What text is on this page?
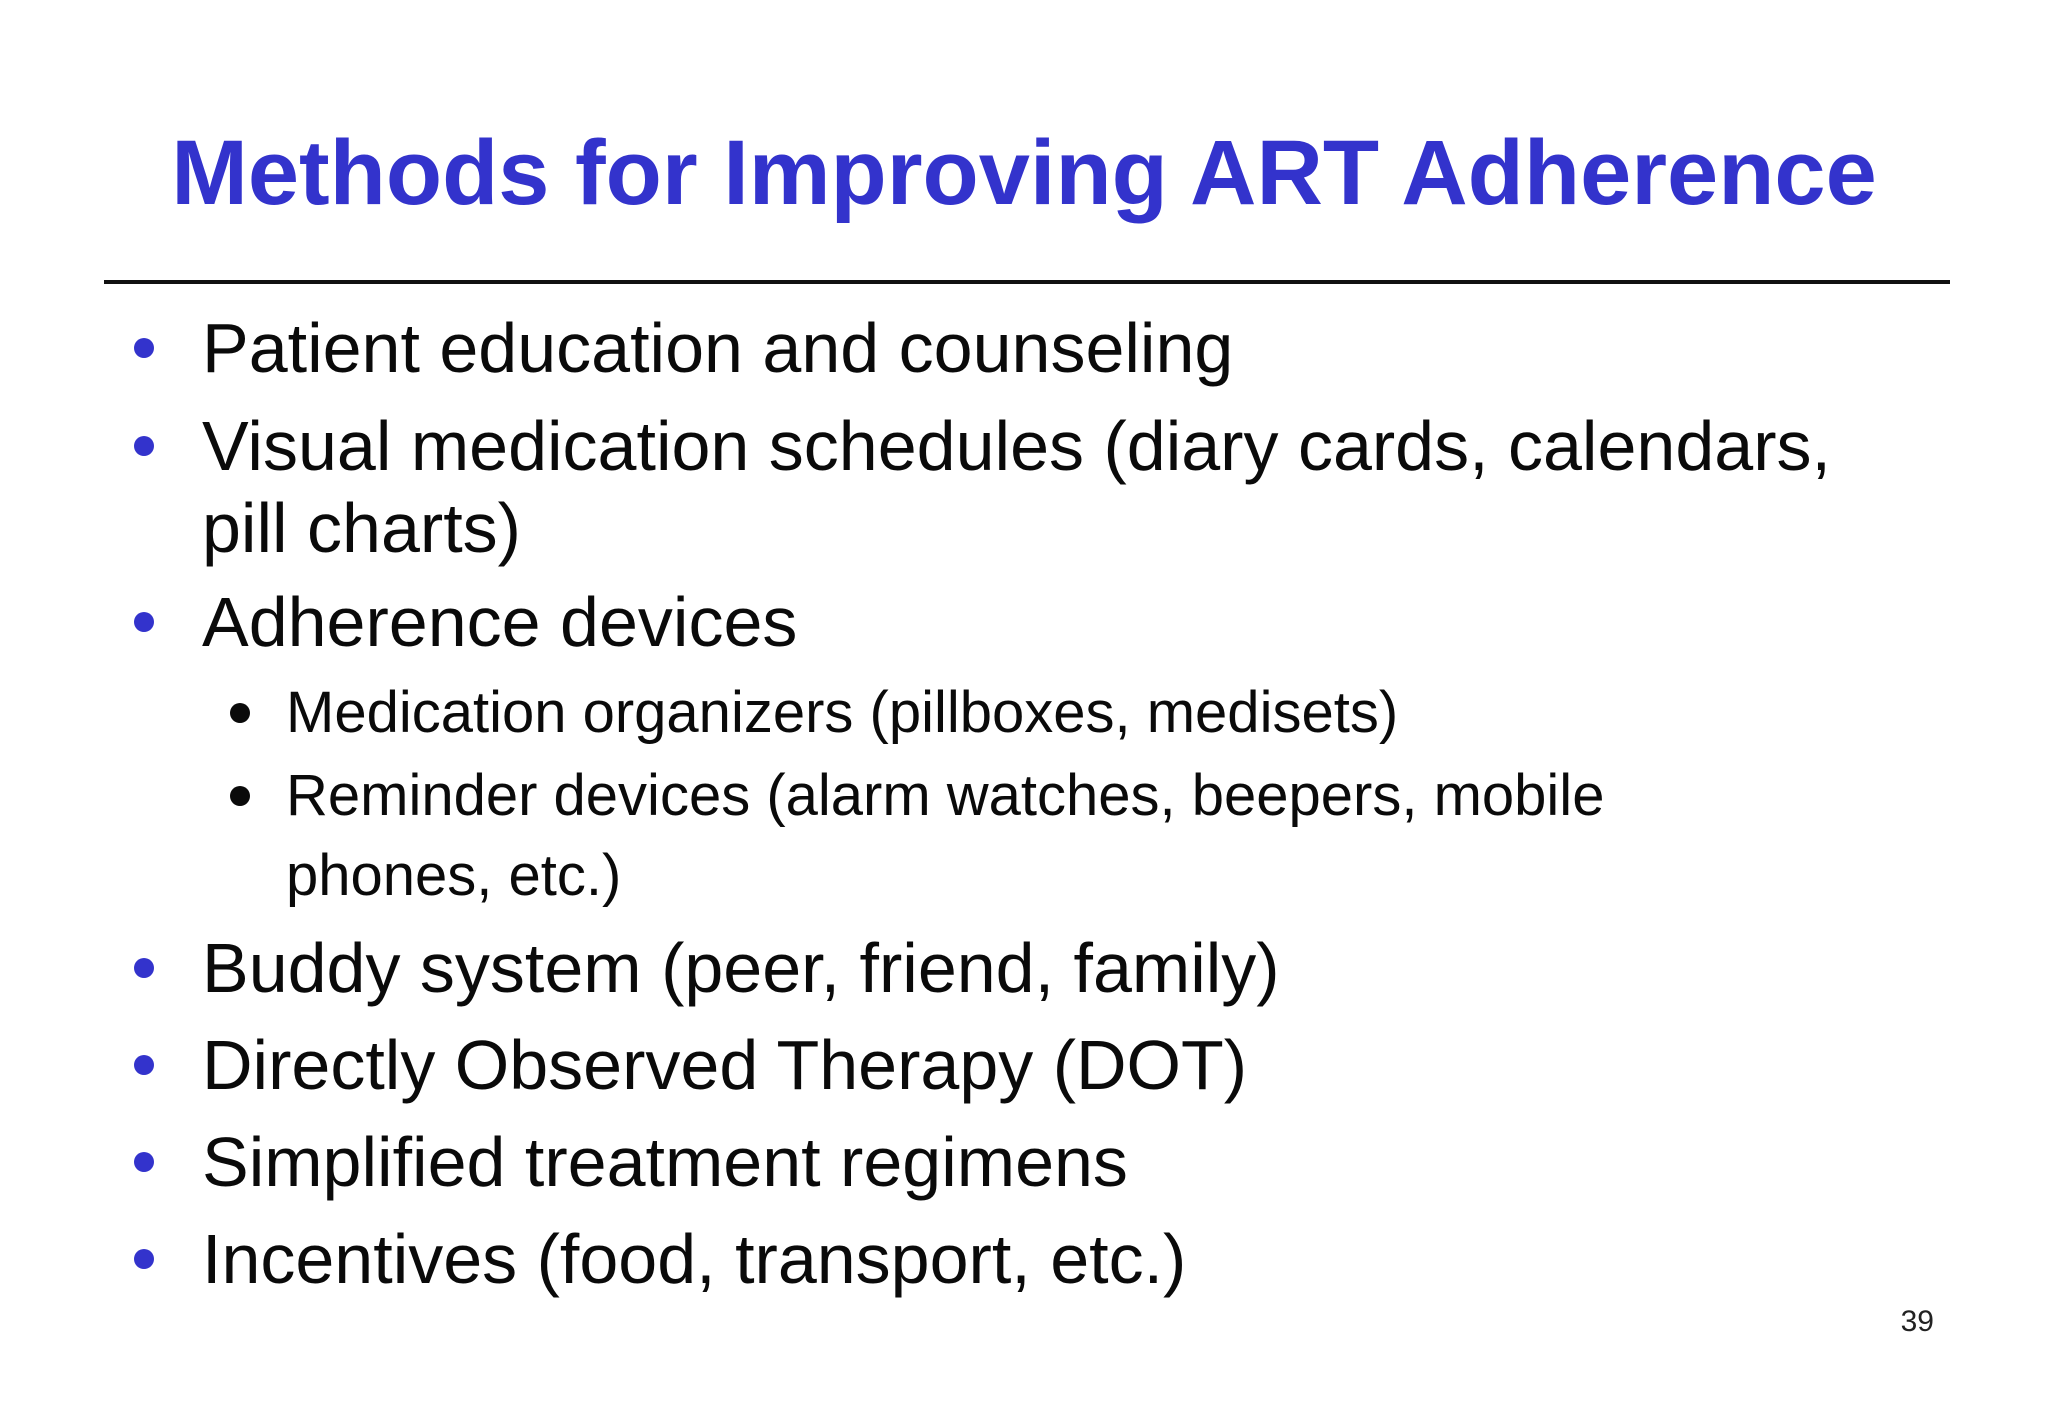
Methods for Improving ART Adherence
Patient education and counseling
Visual medication schedules (diary cards, calendars,
pill charts)
Adherence devices
Medication organizers (pillboxes, medisets)
Reminder devices (alarm watches, beepers, mobile
phones, etc.)
Buddy system (peer, friend, family)
Directly Observed Therapy (DOT)
Simplified treatment regimens
Incentives (food, transport, etc.)
39
